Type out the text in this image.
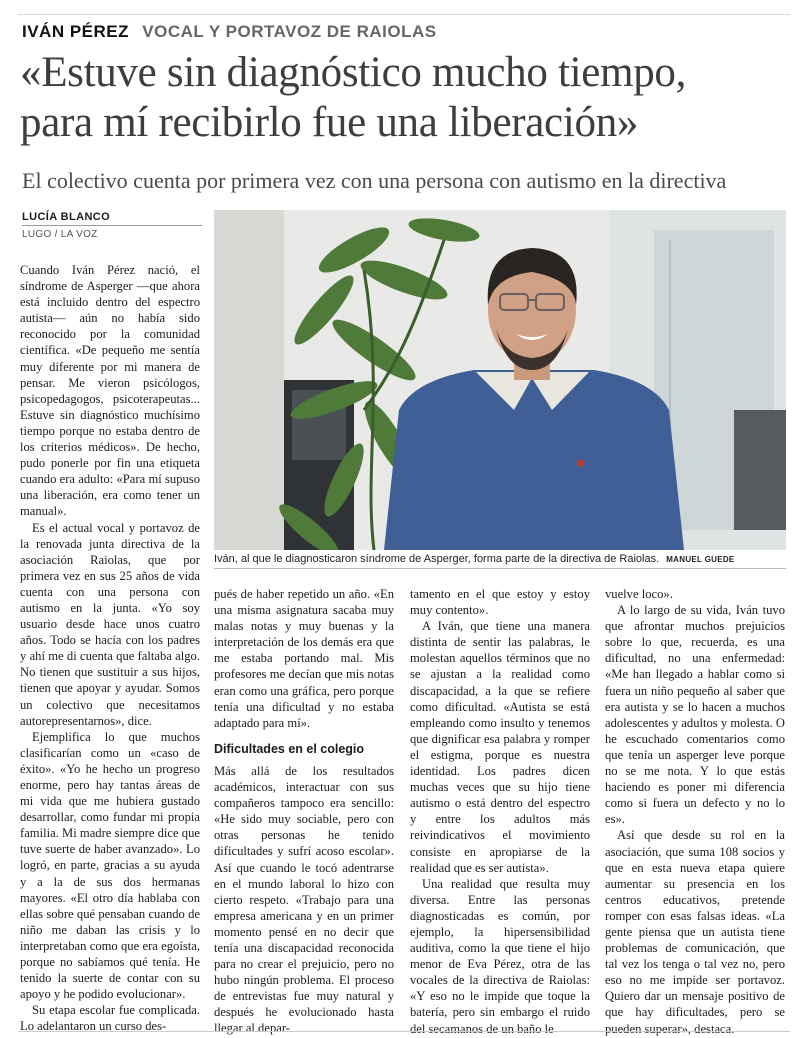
IVÁN PÉREZ VOCAL Y PORTAVOZ DE RAIOLAS
«Estuve sin diagnóstico mucho tiempo,
para mí recibirlo fue una liberación»
El colectivo cuenta por primera vez con una persona con autismo en la directiva
LUCÍA BLANCO
LUGO / LA VOZ
Iván, al que le diagnosticaron síndrome de Asperger, forma parte de la directiva de Raiolas. MANUEL GUEDE

Cuando Iván Pérez nació, el síndrome de Asperger —que ahora está incluido dentro del espectro autista— aún no había sido reconocido por la comunidad científica. «De pequeño me sentía muy diferente por mi manera de pensar. Me vieron psicólogos, psicopedagogos, psicoterapeutas... Estuve sin diagnóstico muchísimo tiempo porque no estaba dentro de los criterios médicos». De hecho, pudo ponerle por fin una etiqueta cuando era adulto: «Para mí supuso una liberación, era como tener un manual».

Es el actual vocal y portavoz de la renovada junta directiva de la asociación Raiolas, que por primera vez en sus 25 años de vida cuenta con una persona con autismo en la junta. «Yo soy usuario desde hace unos cuatro años. Todo se hacía con los padres y ahí me di cuenta que faltaba algo. No tienen que sustituir a sus hijos, tienen que apoyar y ayudar. Somos un colectivo que necesitamos autorepresentarnos», dice.

Ejemplifica lo que muchos clasificarían como un «caso de éxito». «Yo he hecho un progreso enorme, pero hay tantas áreas de mi vida que me hubiera gustado desarrollar, como fundar mi propia familia. Mi madre siempre dice que tuve suerte de haber avanzado». Lo logró, en parte, gracias a su ayuda y a la de sus dos hermanas mayores. «El otro día hablaba con ellas sobre qué pensaban cuando de niño me daban las crisis y lo interpretaban como que era egoísta, porque no sabíamos qué tenía. He tenido la suerte de contar con su apoyo y he podido evolucionar».

Su etapa escolar fue complicada. Lo adelantaron un curso des-

pués de haber repetido un año. «En una misma asignatura sacaba muy malas notas y muy buenas y la interpretación de los demás era que me estaba portando mal. Mis profesores me decían que mis notas eran como una gráfica, pero porque tenía una dificultad y no estaba adaptado para mí».

Dificultades en el colegio

Más allá de los resultados académicos, interactuar con sus compañeros tampoco era sencillo: «He sido muy sociable, pero con otras personas he tenido dificultades y sufrí acoso escolar». Así que cuando le tocó adentrarse en el mundo laboral lo hizo con cierto respeto. «Trabajo para una empresa americana y en un primer momento pensé en no decir que tenía una discapacidad reconocida para no crear el prejuicio, pero no hubo ningún problema. El proceso de entrevistas fue muy natural y después he evolucionado hasta llegar al depar-

tamento en el que estoy y estoy muy contento».

A Iván, que tiene una manera distinta de sentir las palabras, le molestan aquellos términos que no se ajustan a la realidad como discapacidad, a la que se refiere como dificultad. «Autista se está empleando como insulto y tenemos que dignificar esa palabra y romper el estigma, porque es nuestra identidad. Los padres dicen muchas veces que su hijo tiene autismo o está dentro del espectro y entre los adultos más reivindicativos el movimiento consiste en apropiarse de la realidad que es ser autista».

Una realidad que resulta muy diversa. Entre las personas diagnosticadas es común, por ejemplo, la hipersensibilidad auditiva, como la que tiene el hijo menor de Eva Pérez, otra de las vocales de la directiva de Raiolas: «Y eso no le impide que toque la batería, pero sin embargo el ruido del secamanos de un baño le

vuelve loco».

A lo largo de su vida, Iván tuvo que afrontar muchos prejuicios sobre lo que, recuerda, es una dificultad, no una enfermedad: «Me han llegado a hablar como si fuera un niño pequeño al saber que era autista y se lo hacen a muchos adolescentes y adultos y molesta. O he escuchado comentarios como que tenía un asperger leve porque no se me nota. Y lo que estás haciendo es poner mi diferencia como si fuera un defecto y no lo es».

Así que desde su rol en la asociación, que suma 108 socios y que en esta nueva etapa quiere aumentar su presencia en los centros educativos, pretende romper con esas falsas ideas. «La gente piensa que un autista tiene problemas de comunicación, que tal vez los tenga o tal vez no, pero eso no me impide ser portavoz. Quiero dar un mensaje positivo de que hay dificultades, pero se pueden superar», destaca.
